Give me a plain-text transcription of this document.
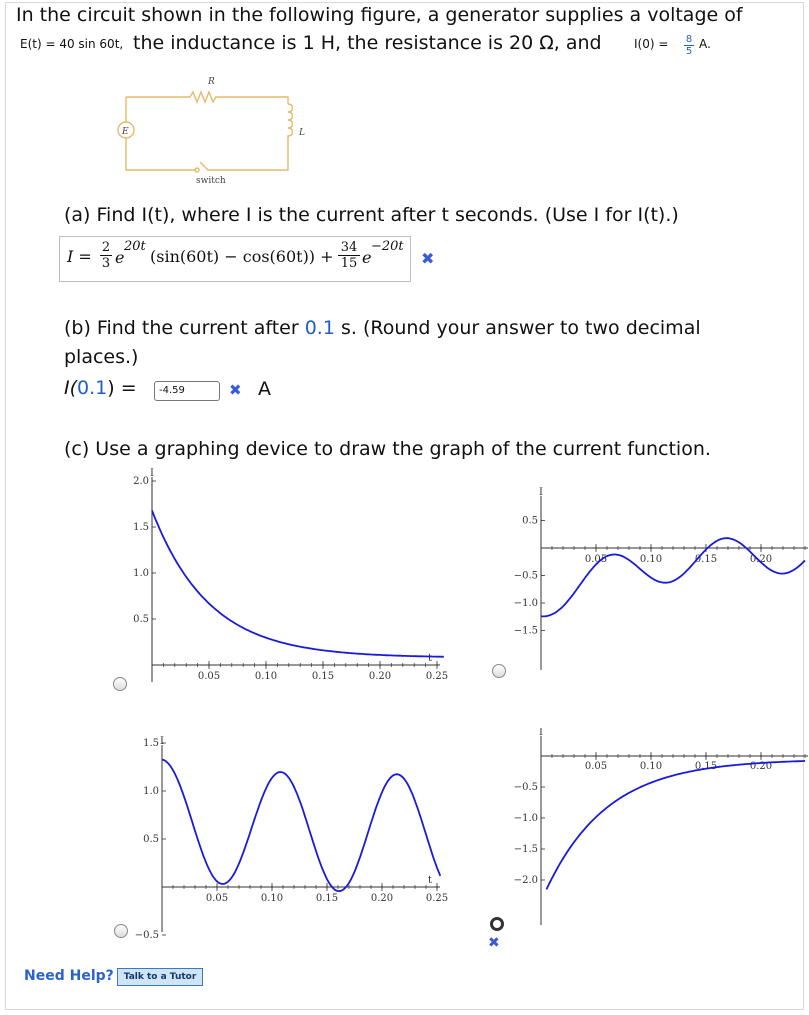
In the circuit shown in the following figure, a generator supplies a voltage of
E(t) = 40 sin 60t, the inductance is 1 H, the resistance is 20 Ω, and	$I(0) = \frac{8}{5} A$.
R
L
E
switch
(a) Find I(t), where I is the current after t seconds. (Use I for I(t).)
$I = \frac{2}{3}$ e
20t
$(\sin(60t) - \cos(60t)) + \frac{34}{15}$ e
−20t
✖
(b) Find the current after 0.1 s. (Round your answer to two decimal
places.)
I(0.1) =	-4.59	✖ A
(c) Use a graphing device to draw the graph of the current function.
I
t
0.05	0.10	0.15	0.20	0.25
2.0
1.5
1.0
0.5
I
0.05	0.10	0.15	0.20
0.5
−0.5
−1.0
−1.5
I
t
0.05	0.10	0.15	0.20	0.25
1.5
1.0
0.5
−0.5
I
0.05	0.10	0.15	0.20
−0.5
−1.0
−1.5
−2.0
✖
Need Help?	Talk to a Tutor
